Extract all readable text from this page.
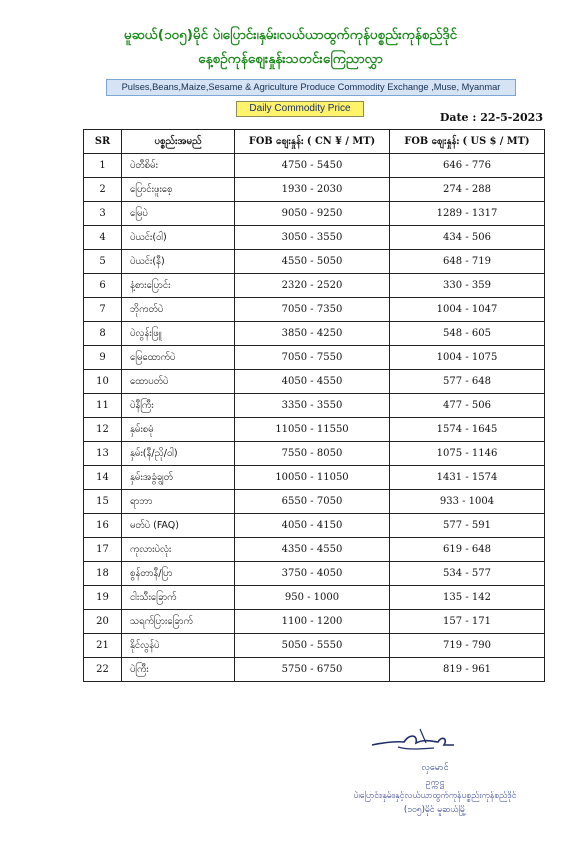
မူဆယ်(၁၀၅)မိုင် ပဲ၊ပြောင်း၊နှမ်း၊လယ်ယာထွက်ကုန်ပစ္စည်းကုန်စည်ဒိုင်
နေ့စဉ်ကုန်စျေးနှုန်းသတင်းကြေညာလွှာ
Pulses,Beans,Maize,Sesame & Agriculture Produce Commodity Exchange ,Muse, Myanmar
Daily Commodity Price
Date : 22-5-2023
SR	ပစ္စည်းအမည်	FOB စျေးနှုန်း ( CN ¥ / MT)	FOB စျေးနှုန်း ( US $ / MT)
1	ပဲတီစိမ်း	4750 - 5450	646 - 776
2	ပြောင်းဖူးစေ့	1930 - 2030	274 - 288
3	မြေပဲ	9050 - 9250	1289 - 1317
4	ပဲယင်း(ဝါ)	3050 - 3550	434 - 506
5	ပဲယင်း(နီ)	4550 - 5050	648 - 719
6	နံ့စားပြောင်း	2320 - 2520	330 - 359
7	ဘိုကတ်ပဲ	7050 - 7350	1004 - 1047
8	ပဲလွန်းဖြူ	3850 - 4250	548 - 605
9	မြေထောက်ပဲ	7050 - 7550	1004 - 1075
10	ထောပတ်ပဲ	4050 - 4550	577 - 648
11	ပဲနီကြီး	3350 - 3550	477 - 506
12	နှမ်းစမုံ	11050 - 11550	1574 - 1645
13	နှမ်း(နီ/ညို/ဝါ)	7550 - 8050	1075 - 1146
14	နှမ်းအခွံချွတ်	10050 - 11050	1431 - 1574
15	ရာဘာ	6550 - 7050	933 - 1004
16	မတ်ပဲ (FAQ)	4050 - 4150	577 - 591
17	ကုလားပဲလုံး	4350 - 4550	619 - 648
18	စွန်တာနီ/ပြာ	3750 - 4050	534 - 577
19	ငါးသီးခြောက်	950 - 1000	135 - 142
20	သရက်ပြားခြောက်	1100 - 1200	157 - 171
21	နိုင်လွန်ပဲ	5050 - 5550	719 - 790
22	ပဲကြီး	5750 - 6750	819 - 961
လှမောင်
ဥက္ကဋ္ဌ
ပဲ၊ပြောင်း၊နှမ်း၊နှင့်လယ်ယာထွက်ကုန်ပစ္စည်းကုန်စည်ဒိုင်
(၁၀၅)မိုင် မူဆယ်မြို့
